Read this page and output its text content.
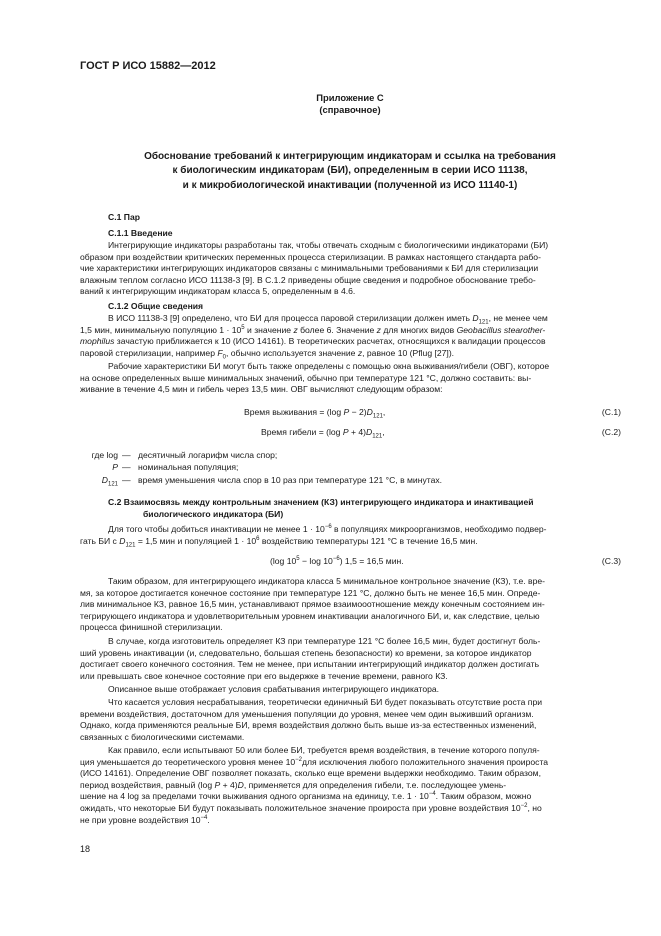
ГОСТ Р ИСО 15882—2012
Приложение С
(справочное)
Обоснование требований к интегрирующим индикаторам и ссылка на требования
к биологическим индикаторам (БИ), определенным в серии ИСО 11138,
и к микробиологической инактивации (полученной из ИСО 11140-1)
С.1 Пар
С.1.1 Введение
Интегрирующие индикаторы разработаны так, чтобы отвечать сходным с биологическими индикаторами (БИ)
образом при воздействии критических переменных процесса стерилизации. В рамках настоящего стандарта рабо-
чие характеристики интегрирующих индикаторов связаны с минимальными требованиями к БИ для стерилизации
влажным теплом согласно ИСО 11138-3 [9]. В С.1.2 приведены общие сведения и подробное обоснование требо-
ваний к интегрирующим индикаторам класса 5, определенным в 4.6.
С.1.2 Общие сведения
В ИСО 11138-3 [9] определено, что БИ для процесса паровой стерилизации должен иметь $D_{121}$, не менее чем
1,5 мин, минимальную популяцию $1 \cdot 10^5$ и значение z более 6. Значение z для многих видов Geobacillus stearother-
mophilus зачастую приближается к 10 (ИСО 14161). В теоретических расчетах, относящихся к валидации процессов
паровой стерилизации, например $F_0$, обычно используется значение z, равное 10 (Pflug [27]).
Рабочие характеристики БИ могут быть также определены с помощью окна выживания/гибели (ОВГ), которое
на основе определенных выше минимальных значений, обычно при температуре 121 °С, должно составить: вы-
живание в течение 4,5 мин и гибель через 13,5 мин. ОВГ вычисляют следующим образом:
Время выживания = (log $P - 2)D_{121}$,	(С.1)
Время гибели = (log $P + 4)D_{121}$,	(С.2)
где log — десятичный логарифм числа спор;
P — номинальная популяция;
$D_{121}$ — время уменьшения числа спор в 10 раз при температуре 121 °С, в минутах.
С.2 Взаимосвязь между контрольным значением (КЗ) интегрирующего индикатора и инактивацией
биологического индикатора (БИ)
Для того чтобы добиться инактивации не менее $1 \cdot 10^{-6}$ в популяциях микроорганизмов, необходимо подвер-
гать БИ с $D_{121} = 1,5$ мин и популяцией $1 \cdot 10^6$ воздействию температуры 121 °С в течение 16,5 мин.
(log $10^5 - \log 10^{-6}$) 1,5 = 16,5 мин.	(С.3)
Таким образом, для интегрирующего индикатора класса 5 минимальное контрольное значение (КЗ), т.е. вре-
мя, за которое достигается конечное состояние при температуре 121 °С, должно быть не менее 16,5 мин. Опреде-
лив минимальное КЗ, равное 16,5 мин, устанавливают прямое взаимооотношение между конечным состоянием ин-
тегрирующего индикатора и удовлетворительным уровнем инактивации аналогичного БИ, и, как следствие, целью
процесса финишной стерилизации.
В случае, когда изготовитель определяет КЗ при температуре 121 °С более 16,5 мин, будет достигнут боль-
ший уровень инактивации (и, следовательно, большая степень безопасности) ко времени, за которое индикатор
достигает своего конечного состояния. Тем не менее, при испытании интегрирующий индикатор должен достигать
или превышать свое конечное состояние при его выдержке в течение времени, равного КЗ.
Описанное выше отображает условия срабатывания интегрирующего индикатора.
Что касается условия несрабатывания, теоретически единичный БИ будет показывать отсутствие роста при
времени воздействия, достаточном для уменьшения популяции до уровня, менее чем один выживший организм.
Однако, когда применяются реальные БИ, время воздействия должно быть выше из-за естественных изменений,
связанных с биологическими системами.
Как правило, если испытывают 50 или более БИ, требуется время воздействия, в течение которого популя-
ция уменьшается до теоретического уровня менее $10^{-2}для$ исключения любого положительного значения проироста
(ИСО 14161). Определение ОВГ позволяет показать, сколько еще времени выдержки необходимо. Таким образом,
период воздействия, равный (log P + 4)D, применяется для определения гибели, т.е. последующее умень-
шение на 4 log за пределами точки выживания одного организма на единицу, т.е. $1 \cdot 10^{-4}$. Таким образом, можно
ожидать, что некоторые БИ будут показывать положительное значение проироста при уровне воздействия $10^{-2}$, но
не при уровне воздействия $10^{-4}$.
18
